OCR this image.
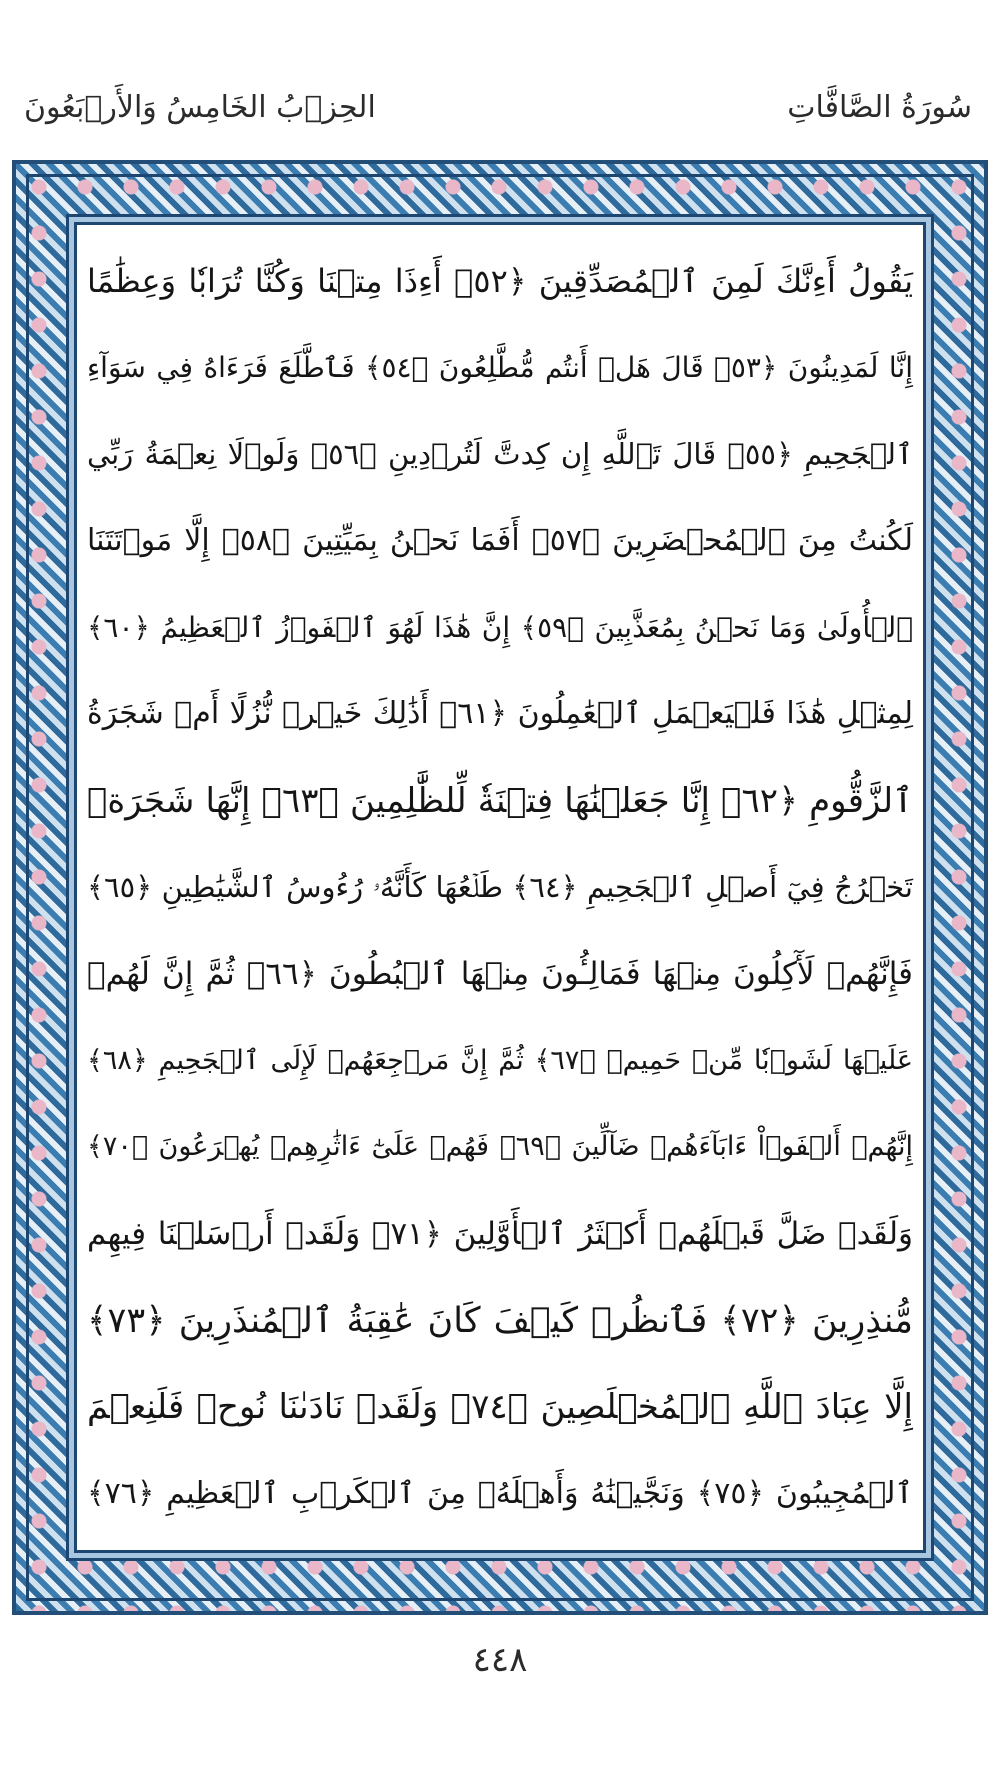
سُورَةُ الصَّافَّاتِ
الحِزۡبُ الخَامِسُ وَالأَرۡبَعُونَ
يَقُولُ أَءِنَّكَ لَمِنَ ٱلۡمُصَدِّقِينَ ﴿٥٢﴾ أَءِذَا مِتۡنَا وَكُنَّا تُرَابٗا وَعِظَٰمًا
إِنَّا لَمَدِينُونَ ﴿٥٣﴾ قَالَ هَلۡ أَنتُم مُّطَّلِعُونَ ﴿٥٤﴾ فَٱطَّلَعَ فَرَءَاهُ فِي سَوَآءِ
ٱلۡجَحِيمِ ﴿٥٥﴾ قَالَ تَٱللَّهِ إِن كِدتَّ لَتُرۡدِينِ ﴿٥٦﴾ وَلَوۡلَا نِعۡمَةُ رَبِّي
لَكُنتُ مِنَ ٱلۡمُحۡضَرِينَ ﴿٥٧﴾ أَفَمَا نَحۡنُ بِمَيِّتِينَ ﴿٥٨﴾ إِلَّا مَوۡتَتَنَا
ٱلۡأُولَىٰ وَمَا نَحۡنُ بِمُعَذَّبِينَ ﴿٥٩﴾ إِنَّ هَٰذَا لَهُوَ ٱلۡفَوۡزُ ٱلۡعَظِيمُ ﴿٦٠﴾
لِمِثۡلِ هَٰذَا فَلۡيَعۡمَلِ ٱلۡعَٰمِلُونَ ﴿٦١﴾ أَذَٰلِكَ خَيۡرٞ نُّزُلًا أَمۡ شَجَرَةُ
ٱلزَّقُّومِ ﴿٦٢﴾ إِنَّا جَعَلۡنَٰهَا فِتۡنَةٗ لِّلظَّٰلِمِينَ ﴿٦٣﴾ إِنَّهَا شَجَرَةٞ
تَخۡرُجُ فِيٓ أَصۡلِ ٱلۡجَحِيمِ ﴿٦٤﴾ طَلۡعُهَا كَأَنَّهُۥ رُءُوسُ ٱلشَّيَٰطِينِ ﴿٦٥﴾
فَإِنَّهُمۡ لَأٓكِلُونَ مِنۡهَا فَمَالِـُٔونَ مِنۡهَا ٱلۡبُطُونَ ﴿٦٦﴾ ثُمَّ إِنَّ لَهُمۡ
عَلَيۡهَا لَشَوۡبٗا مِّنۡ حَمِيمٖ ﴿٦٧﴾ ثُمَّ إِنَّ مَرۡجِعَهُمۡ لَإِلَى ٱلۡجَحِيمِ ﴿٦٨﴾
إِنَّهُمۡ أَلۡفَوۡاْ ءَابَآءَهُمۡ ضَآلِّينَ ﴿٦٩﴾ فَهُمۡ عَلَىٰٓ ءَاثَٰرِهِمۡ يُهۡرَعُونَ ﴿٧٠﴾
وَلَقَدۡ ضَلَّ قَبۡلَهُمۡ أَكۡثَرُ ٱلۡأَوَّلِينَ ﴿٧١﴾ وَلَقَدۡ أَرۡسَلۡنَا فِيهِم
مُّنذِرِينَ ﴿٧٢﴾ فَٱنظُرۡ كَيۡفَ كَانَ عَٰقِبَةُ ٱلۡمُنذَرِينَ ﴿٧٣﴾
إِلَّا عِبَادَ ٱللَّهِ ٱلۡمُخۡلَصِينَ ﴿٧٤﴾ وَلَقَدۡ نَادَىٰنَا نُوحٞ فَلَنِعۡمَ
ٱلۡمُجِيبُونَ ﴿٧٥﴾ وَنَجَّيۡنَٰهُ وَأَهۡلَهُۥ مِنَ ٱلۡكَرۡبِ ٱلۡعَظِيمِ ﴿٧٦﴾
٤٤٨
